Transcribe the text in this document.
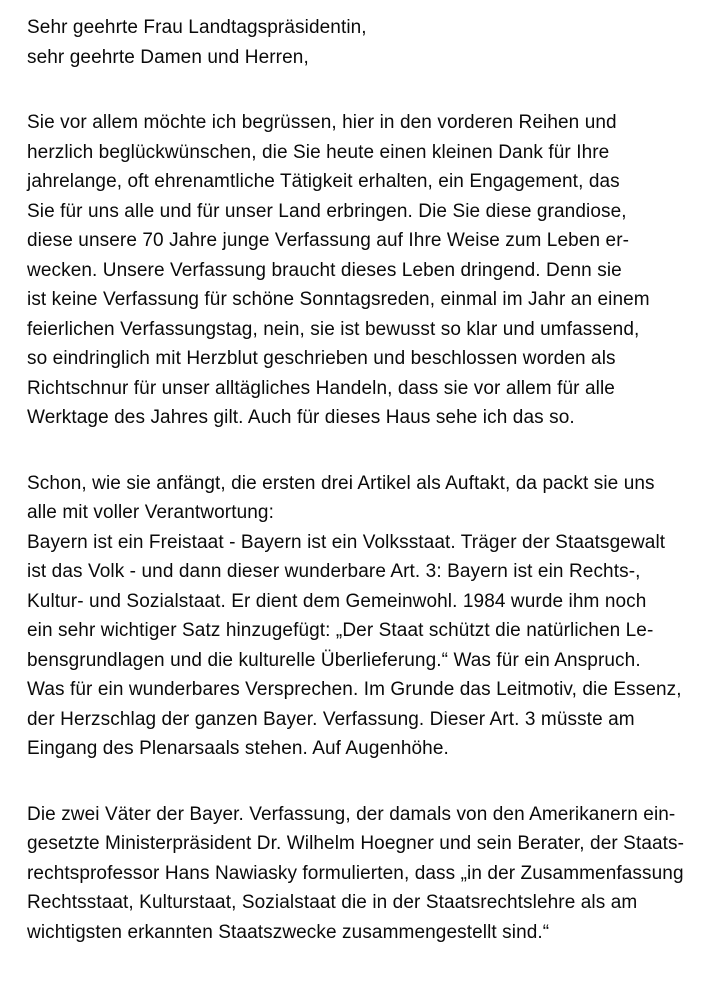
Sehr geehrte Frau Landtagspräsidentin,
sehr geehrte Damen und Herren,

Sie vor allem möchte ich begrüssen, hier in den vorderen Reihen und
herzlich beglückwünschen, die Sie heute einen kleinen Dank für Ihre
jahrelange, oft ehrenamtliche Tätigkeit erhalten, ein Engagement, das
Sie für uns alle und für unser Land erbringen. Die Sie diese grandiose,
diese unsere 70 Jahre junge Verfassung auf Ihre Weise zum Leben er-
wecken. Unsere Verfassung braucht dieses Leben dringend. Denn sie
ist keine Verfassung für schöne Sonntagsreden, einmal im Jahr an einem
feierlichen Verfassungstag, nein, sie ist bewusst so klar und umfassend,
so eindringlich mit Herzblut geschrieben und beschlossen worden als
Richtschnur für unser alltägliches Handeln, dass sie vor allem für alle
Werktage des Jahres gilt. Auch für dieses Haus sehe ich das so.

Schon, wie sie anfängt, die ersten drei Artikel als Auftakt, da packt sie uns
alle mit voller Verantwortung:
Bayern ist ein Freistaat - Bayern ist ein Volksstaat. Träger der Staatsgewalt
ist das Volk - und dann dieser wunderbare Art. 3: Bayern ist ein Rechts-,
Kultur- und Sozialstaat. Er dient dem Gemeinwohl. 1984 wurde ihm noch
ein sehr wichtiger Satz hinzugefügt: „Der Staat schützt die natürlichen Le-
bensgrundlagen und die kulturelle Überlieferung.“ Was für ein Anspruch.
Was für ein wunderbares Versprechen. Im Grunde das Leitmotiv, die Essenz,
der Herzschlag der ganzen Bayer. Verfassung. Dieser Art. 3 müsste am
Eingang des Plenarsaals stehen. Auf Augenhöhe.

Die zwei Väter der Bayer. Verfassung, der damals von den Amerikanern ein-
gesetzte Ministerpräsident Dr. Wilhelm Hoegner und sein Berater, der Staats-
rechtsprofessor Hans Nawiasky formulierten, dass „in der Zusammenfassung
Rechtsstaat, Kulturstaat, Sozialstaat die in der Staatsrechtslehre als am
wichtigsten erkannten Staatszwecke zusammengestellt sind.“
